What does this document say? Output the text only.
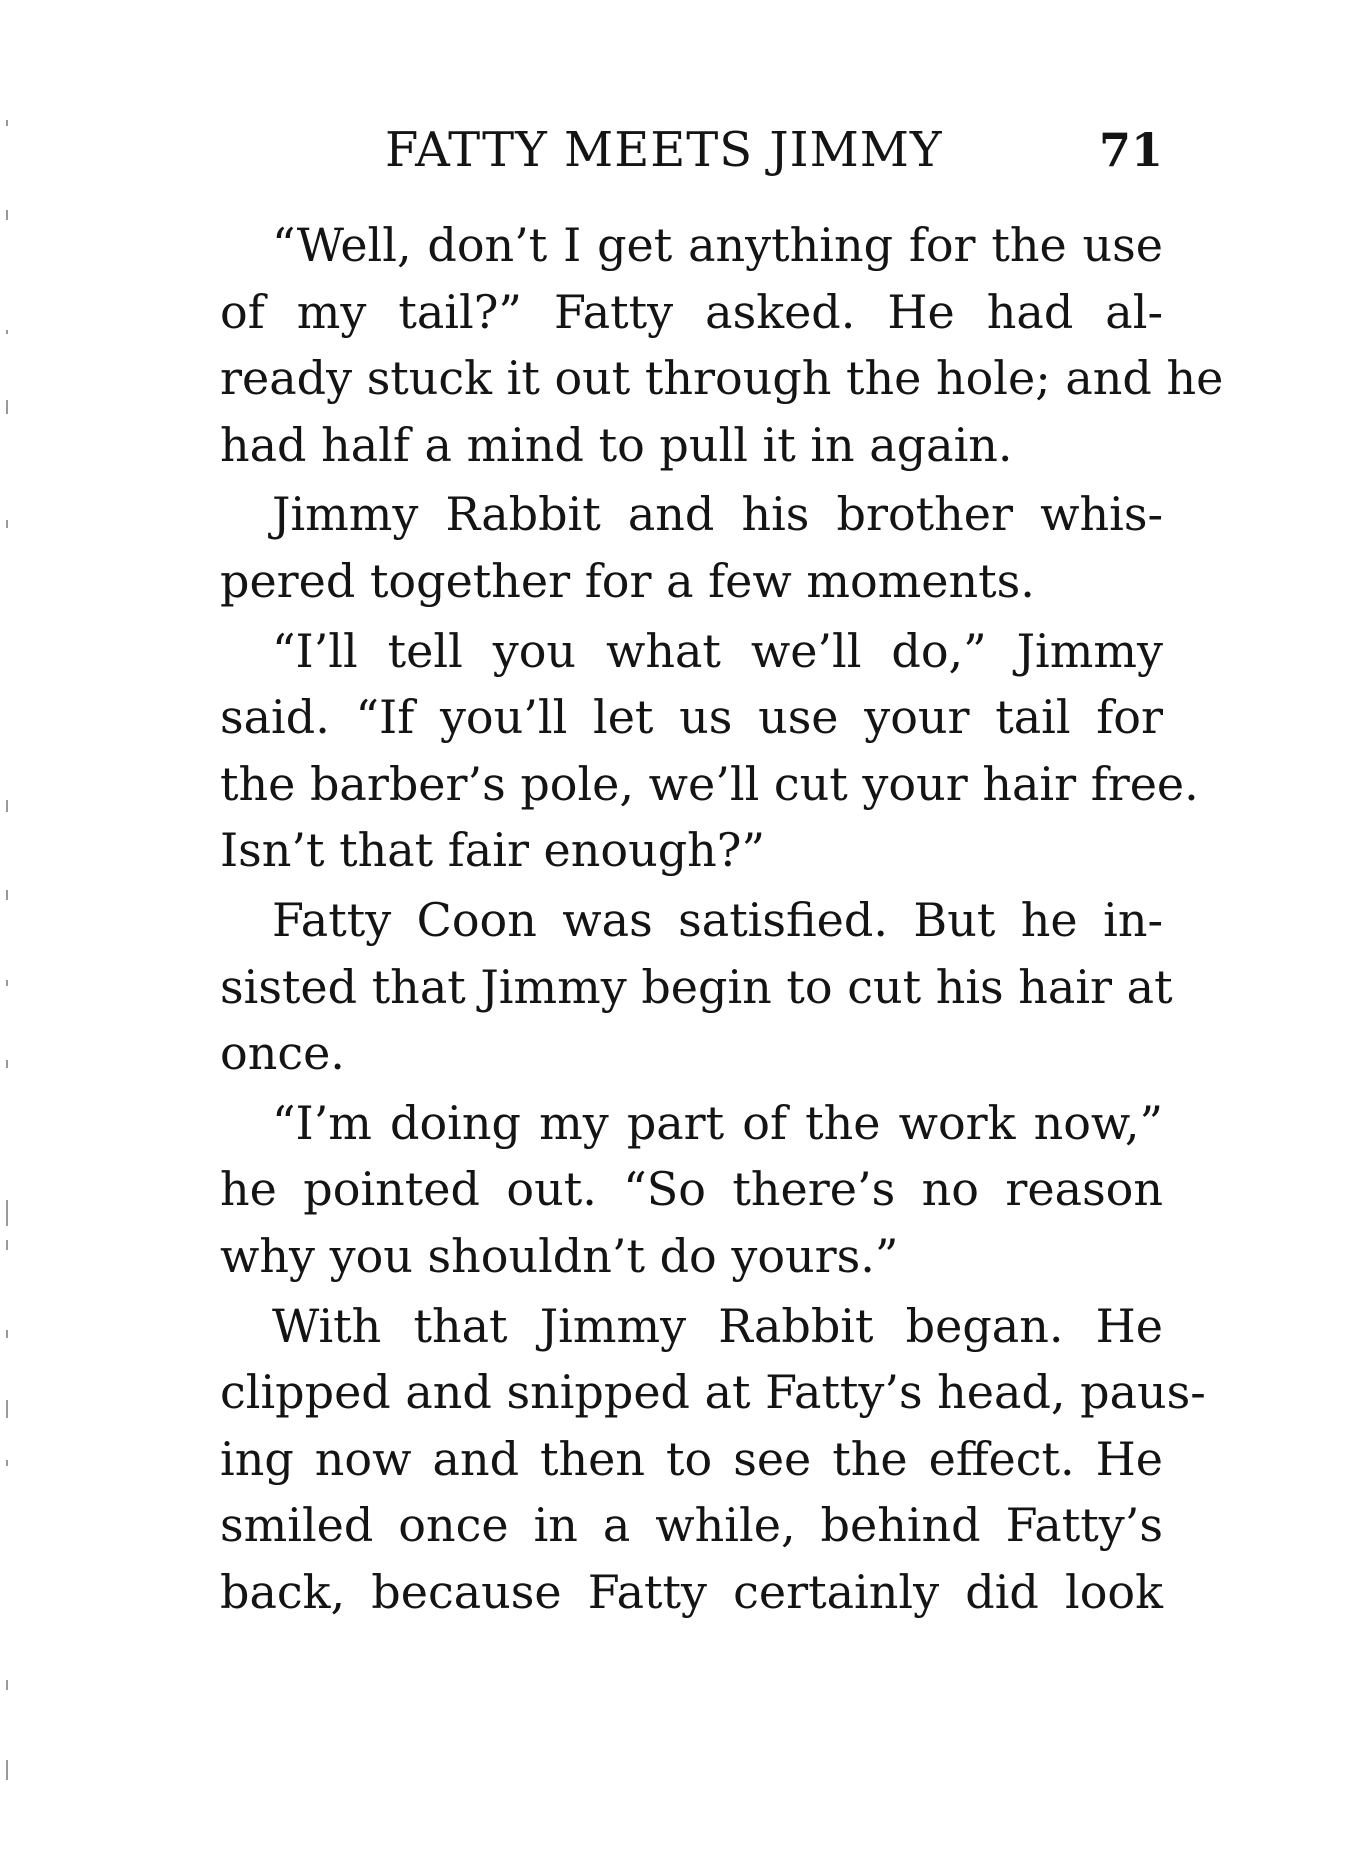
FATTY MEETS JIMMY	71
“Well, don’t I get anything for the use
of my tail?” Fatty asked. He had al-
ready stuck it out through the hole; and he
had half a mind to pull it in again.
Jimmy Rabbit and his brother whis-
pered together for a few moments.
“I’ll tell you what we’ll do,” Jimmy
said. “If you’ll let us use your tail for
the barber’s pole, we’ll cut your hair free.
Isn’t that fair enough?”
Fatty Coon was satisfied. But he in-
sisted that Jimmy begin to cut his hair at
once.
“I’m doing my part of the work now,”
he pointed out. “So there’s no reason
why you shouldn’t do yours.”
With that Jimmy Rabbit began. He
clipped and snipped at Fatty’s head, paus-
ing now and then to see the effect. He
smiled once in a while, behind Fatty’s
back, because Fatty certainly did look
